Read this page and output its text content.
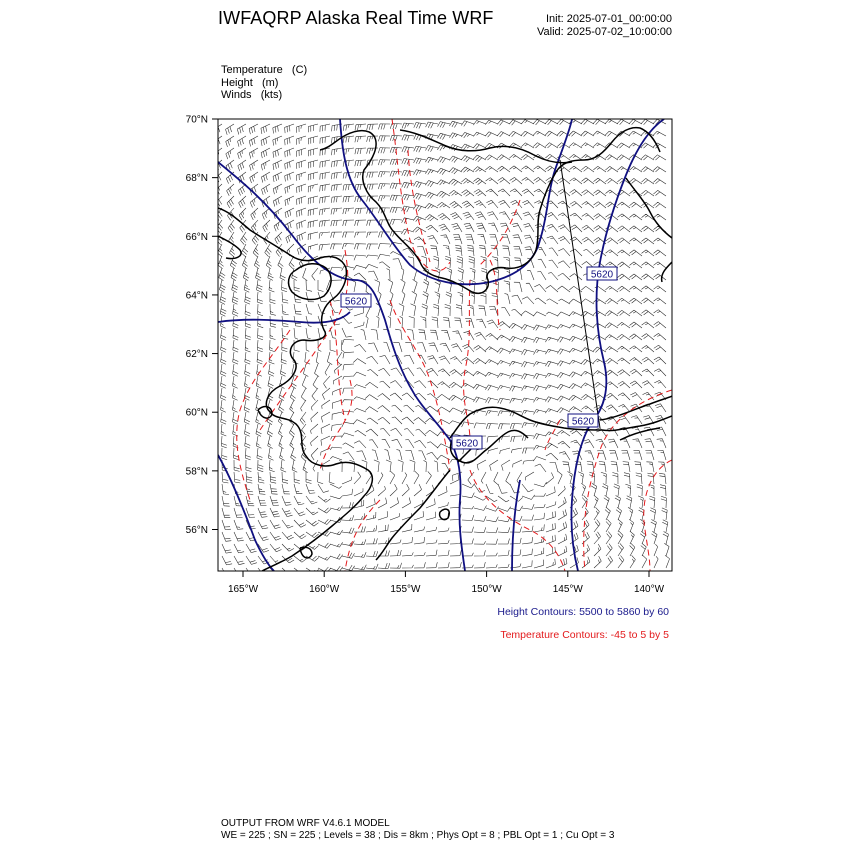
IWFAQRP Alaska Real Time WRF	Init: 2025-07-01_00:00:00
Valid: 2025-07-02_10:00:00
Temperature   (C)
Height   (m)
Winds   (kts)
5620
5620
5620
5620
70°N
68°N
66°N
64°N
62°N
60°N
58°N
56°N
165°W	160°W	155°W	150°W	145°W	140°W
Height Contours: 5500 to 5860 by 60
Temperature Contours: -45 to 5 by 5
OUTPUT FROM WRF V4.6.1 MODEL
WE = 225 ; SN = 225 ; Levels = 38 ; Dis = 8km ; Phys Opt = 8 ; PBL Opt = 1 ; Cu Opt = 3
